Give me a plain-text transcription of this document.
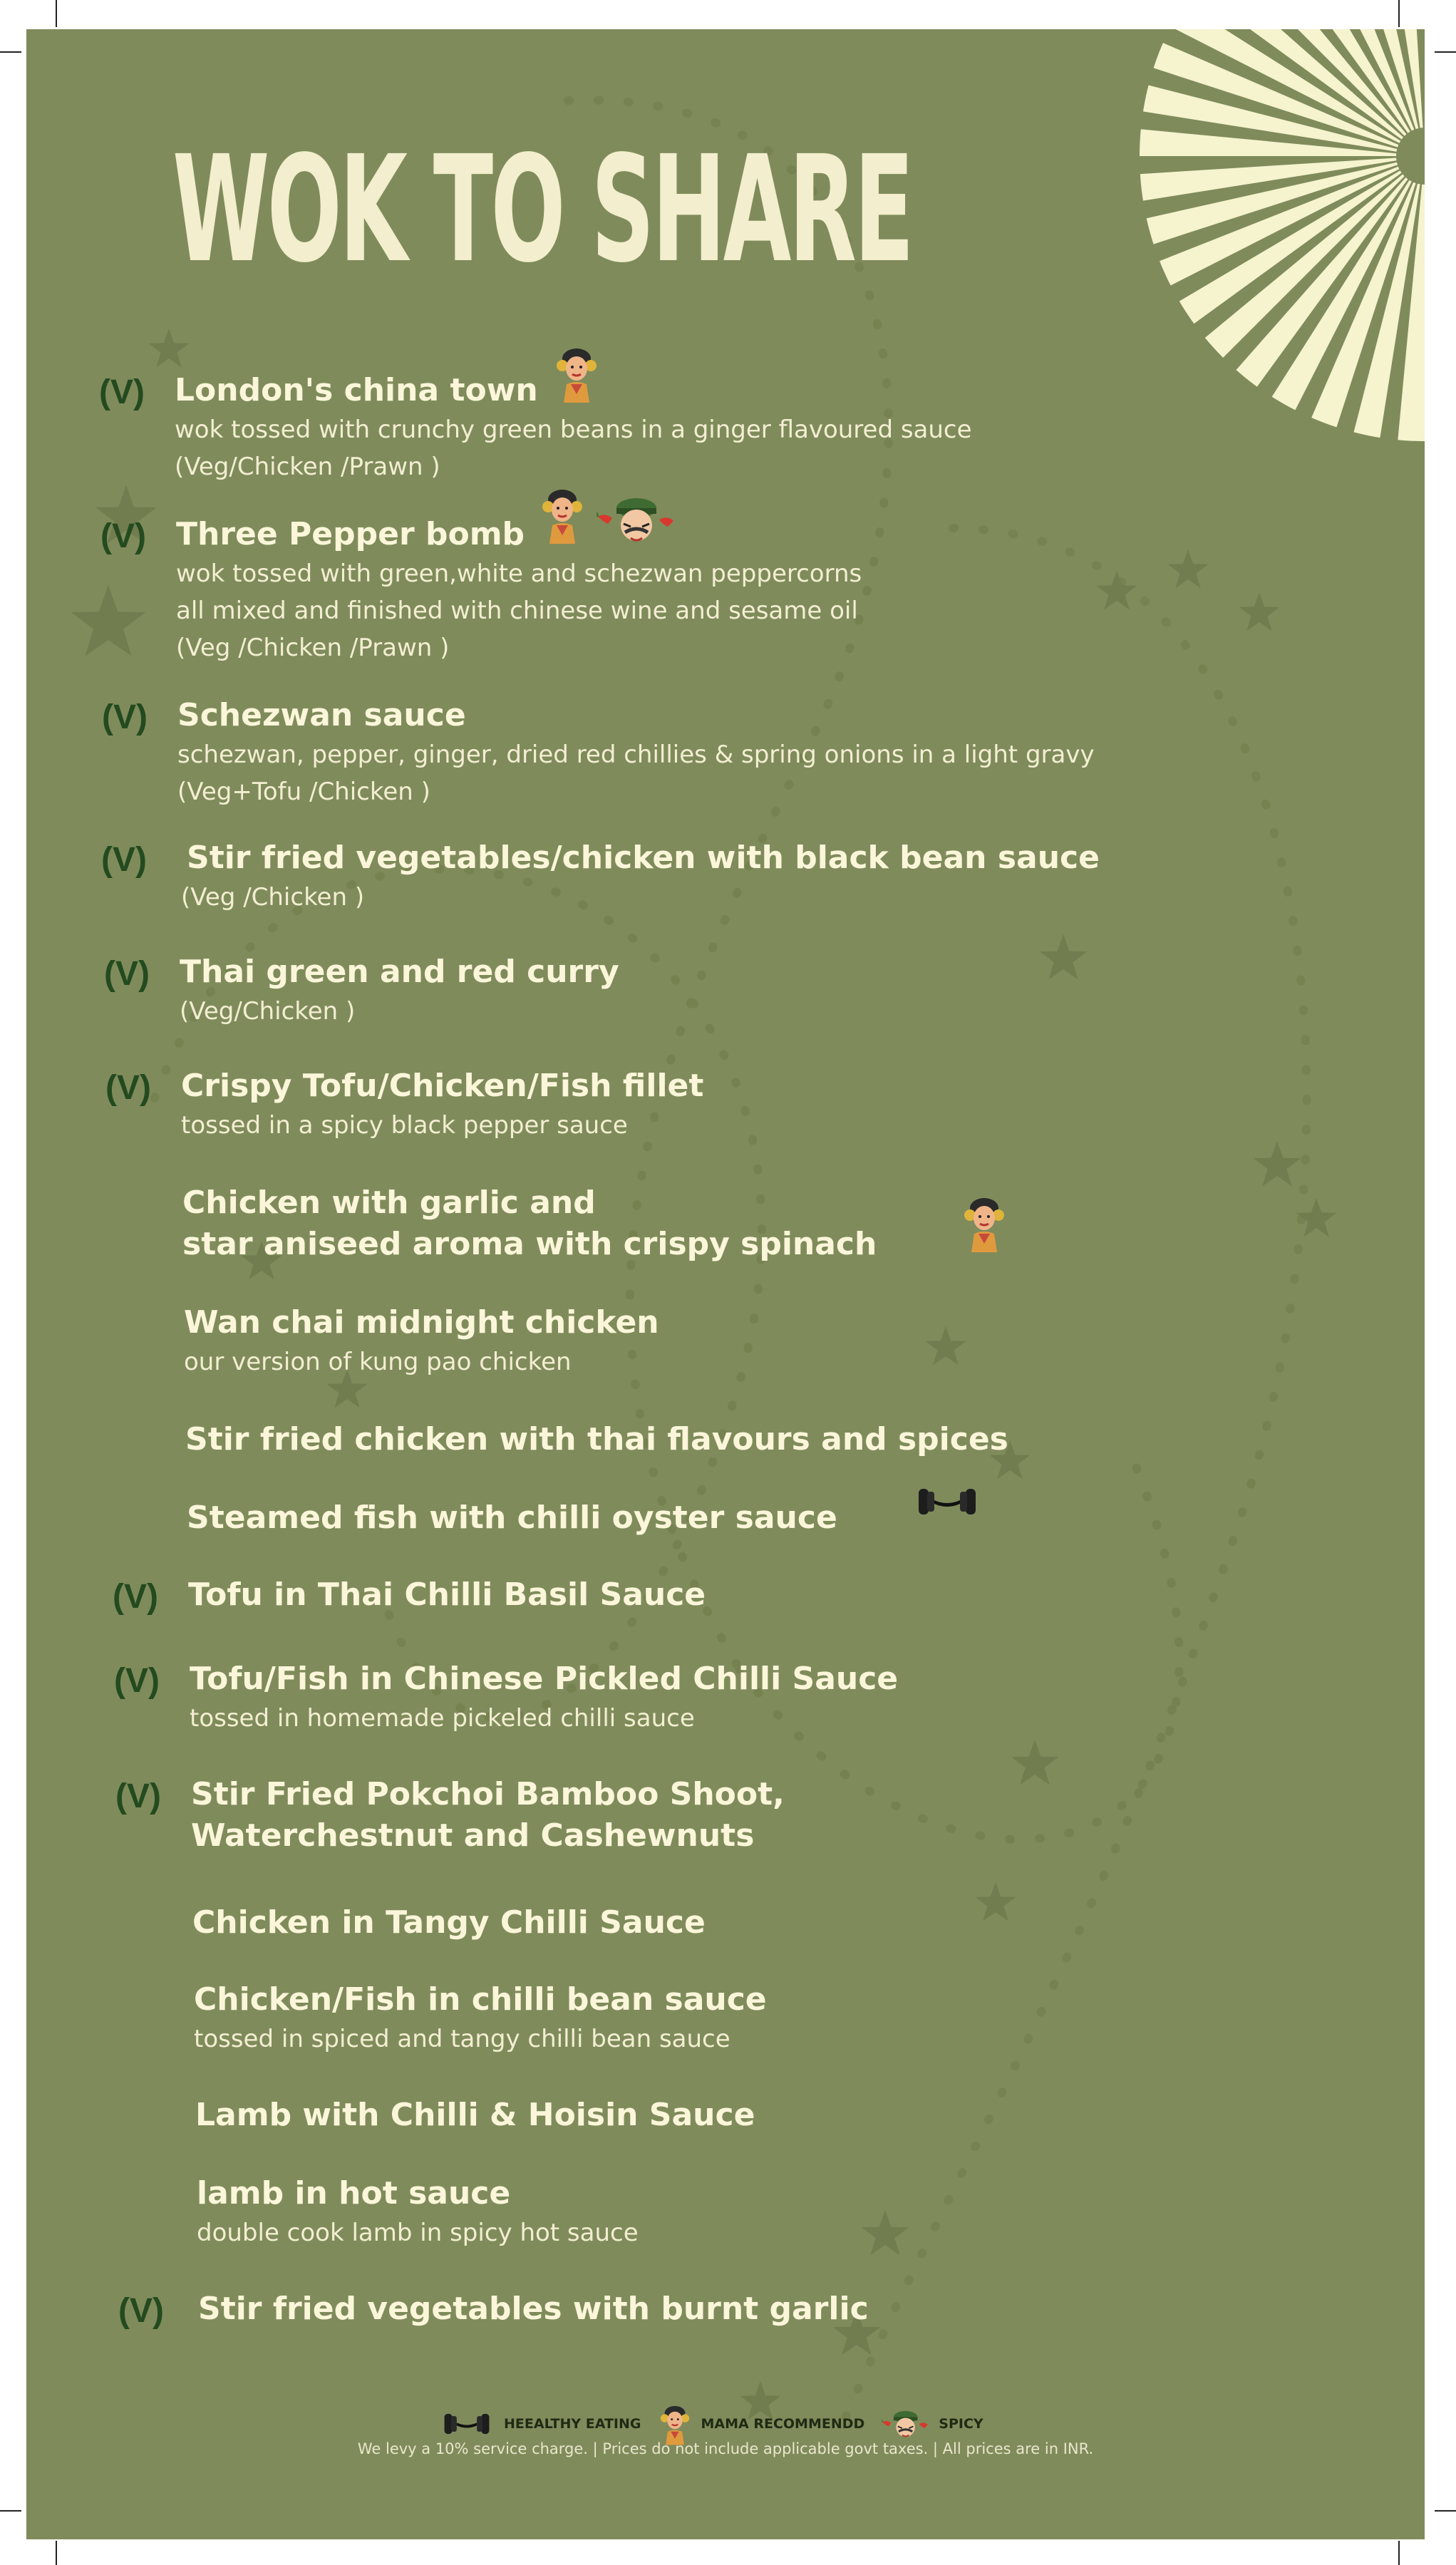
WOK TO SHARE
(V) London's china town
wok tossed with crunchy green beans in a ginger flavoured sauce
(Veg/Chicken /Prawn )
(V) Three Pepper bomb
wok tossed with green,white and schezwan peppercorns
all mixed and finished with chinese wine and sesame oil
(Veg /Chicken /Prawn )
(V) Schezwan sauce
schezwan, pepper, ginger, dried red chillies & spring onions in a light gravy
(Veg+Tofu /Chicken )
(V) Stir fried vegetables/chicken with black bean sauce
(Veg /Chicken )
(V) Thai green and red curry
(Veg/Chicken )
(V) Crispy Tofu/Chicken/Fish fillet
tossed in a spicy black pepper sauce
Chicken with garlic and
star aniseed aroma with crispy spinach
Wan chai midnight chicken
our version of kung pao chicken
Stir fried chicken with thai flavours and spices
Steamed fish with chilli oyster sauce
(V) Tofu in Thai Chilli Basil Sauce
(V) Tofu/Fish in Chinese Pickled Chilli Sauce
tossed in homemade pickeled chilli sauce
(V) Stir Fried Pokchoi Bamboo Shoot,
Waterchestnut and Cashewnuts
Chicken in Tangy Chilli Sauce
Chicken/Fish in chilli bean sauce
tossed in spiced and tangy chilli bean sauce
Lamb with Chilli & Hoisin Sauce
lamb in hot sauce
double cook lamb in spicy hot sauce
(V) Stir fried vegetables with burnt garlic
HEEALTHY EATING	MAMA RECOMMENDD	SPICY
We levy a 10% service charge. | Prices do not include applicable govt taxes. | All prices are in INR.
